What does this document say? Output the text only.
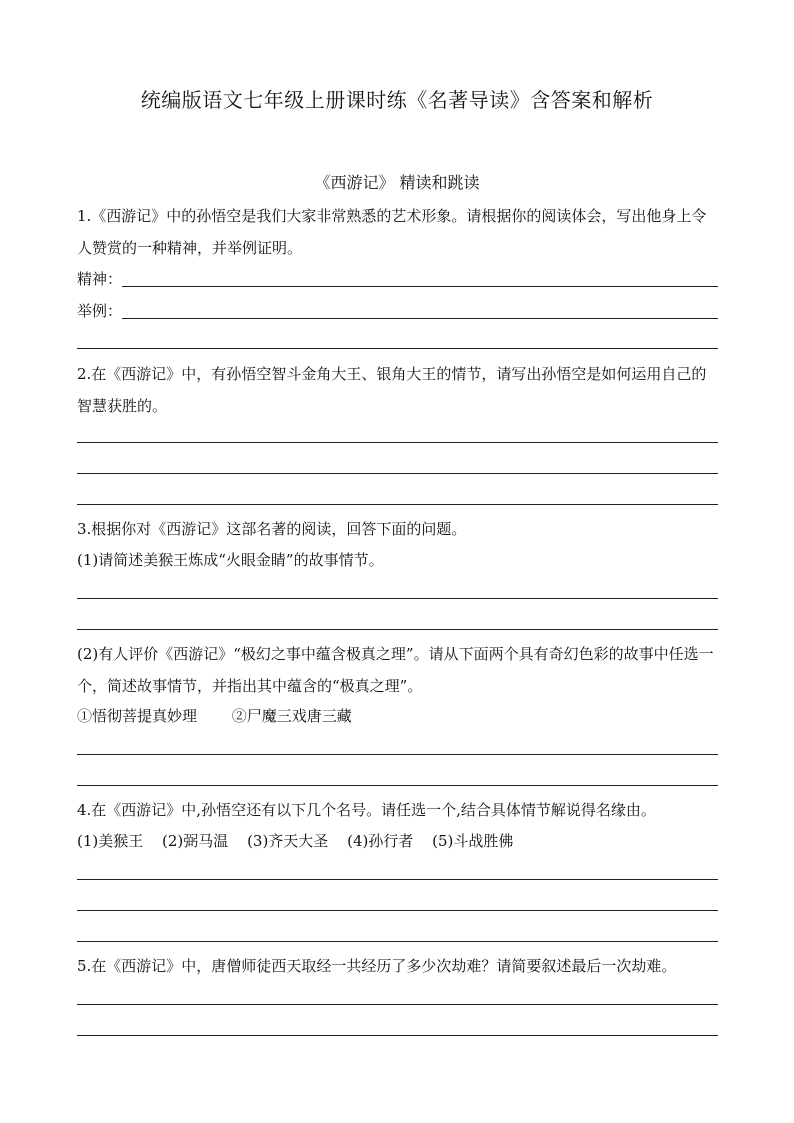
统编版语文七年级上册课时练《名著导读》含答案和解析
《西游记》 精读和跳读
1.《西游记》中的孙悟空是我们大家非常熟悉的艺术形象。请根据你的阅读体会，写出他身上令人赞赏的一种精神，并举例证明。
精神：
举例：
2.在《西游记》中，有孙悟空智斗金角大王、银角大王的情节，请写出孙悟空是如何运用自己的智慧获胜的。
3.根据你对《西游记》这部名著的阅读，回答下面的问题。
(1)请简述美猴王炼成“火眼金睛”的故事情节。
(2)有人评价《西游记》“极幻之事中蕴含极真之理”。请从下面两个具有奇幻色彩的故事中任选一个，简述故事情节，并指出其中蕴含的“极真之理”。
①悟彻菩提真妙理 ②尸魔三戏唐三藏
4.在《西游记》中,孙悟空还有以下几个名号。请任选一个,结合具体情节解说得名缘由。
(1)美猴王 (2)弼马温 (3)齐天大圣 (4)孙行者 (5)斗战胜佛
5.在《西游记》中，唐僧师徒西天取经一共经历了多少次劫难？请简要叙述最后一次劫难。
